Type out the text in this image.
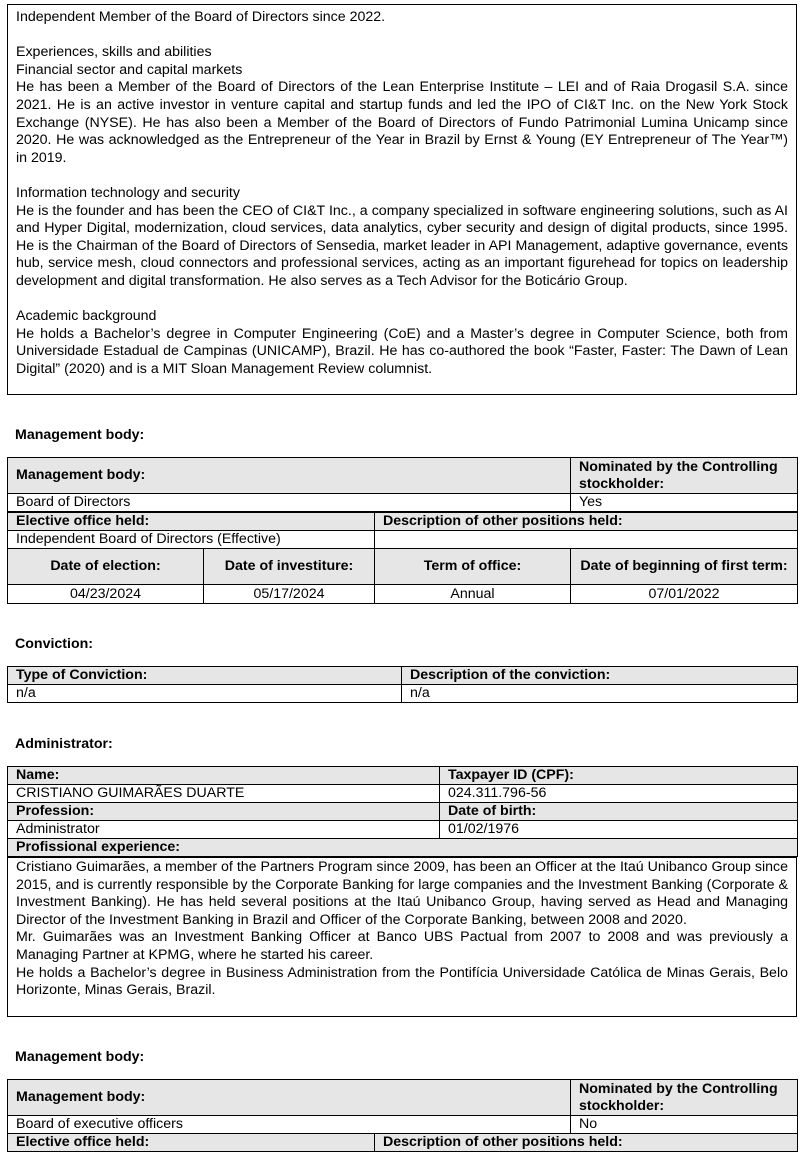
Independent Member of the Board of Directors since 2022.

Experiences, skills and abilities

Financial sector and capital markets

He has been a Member of the Board of Directors of the Lean Enterprise Institute – LEI and of Raia Drogasil S.A. since 2021. He is an active investor in venture capital and startup funds and led the IPO of CI&T Inc. on the New York Stock Exchange (NYSE). He has also been a Member of the Board of Directors of Fundo Patrimonial Lumina Unicamp since 2020. He was acknowledged as the Entrepreneur of the Year in Brazil by Ernst & Young (EY Entrepreneur of The Year™) in 2019.

Information technology and security

He is the founder and has been the CEO of CI&T Inc., a company specialized in software engineering solutions, such as AI and Hyper Digital, modernization, cloud services, data analytics, cyber security and design of digital products, since 1995. He is the Chairman of the Board of Directors of Sensedia, market leader in API Management, adaptive governance, events hub, service mesh, cloud connectors and professional services, acting as an important figurehead for topics on leadership development and digital transformation. He also serves as a Tech Advisor for the Boticário Group.

Academic background

He holds a Bachelor’s degree in Computer Engineering (CoE) and a Master’s degree in Computer Science, both from Universidade Estadual de Campinas (UNICAMP), Brazil. He has co-authored the book “Faster, Faster: The Dawn of Lean Digital” (2020) and is a MIT Sloan Management Review columnist.

Management body:
Management body:	Nominated by the Controlling stockholder:
Board of Directors	Yes
Elective office held:	Description of other positions held:
Independent Board of Directors (Effective)	
Date of election:	Date of investiture:	Term of office:	Date of beginning of first term:
04/23/2024	05/17/2024	Annual	07/01/2022
Conviction:
Type of Conviction:	Description of the conviction:
n/a	n/a
Administrator:
Name:	Taxpayer ID (CPF):
CRISTIANO GUIMARÃES DUARTE	024.311.796-56
Profession:	Date of birth:
Administrator	01/02/1976
Profissional experience:	

Cristiano Guimarães, a member of the Partners Program since 2009, has been an Officer at the Itaú Unibanco Group since 2015, and is currently responsible by the Corporate Banking for large companies and the Investment Banking (Corporate & Investment Banking). He has held several positions at the Itaú Unibanco Group, having served as Head and Managing Director of the Investment Banking in Brazil and Officer of the Corporate Banking, between 2008 and 2020.

Mr. Guimarães was an Investment Banking Officer at Banco UBS Pactual from 2007 to 2008 and was previously a Managing Partner at KPMG, where he started his career.

He holds a Bachelor’s degree in Business Administration from the Pontifícia Universidade Católica de Minas Gerais, Belo Horizonte, Minas Gerais, Brazil.

Management body:
Management body:	Nominated by the Controlling stockholder:
Board of executive officers	No
Elective office held:	Description of other positions held:
